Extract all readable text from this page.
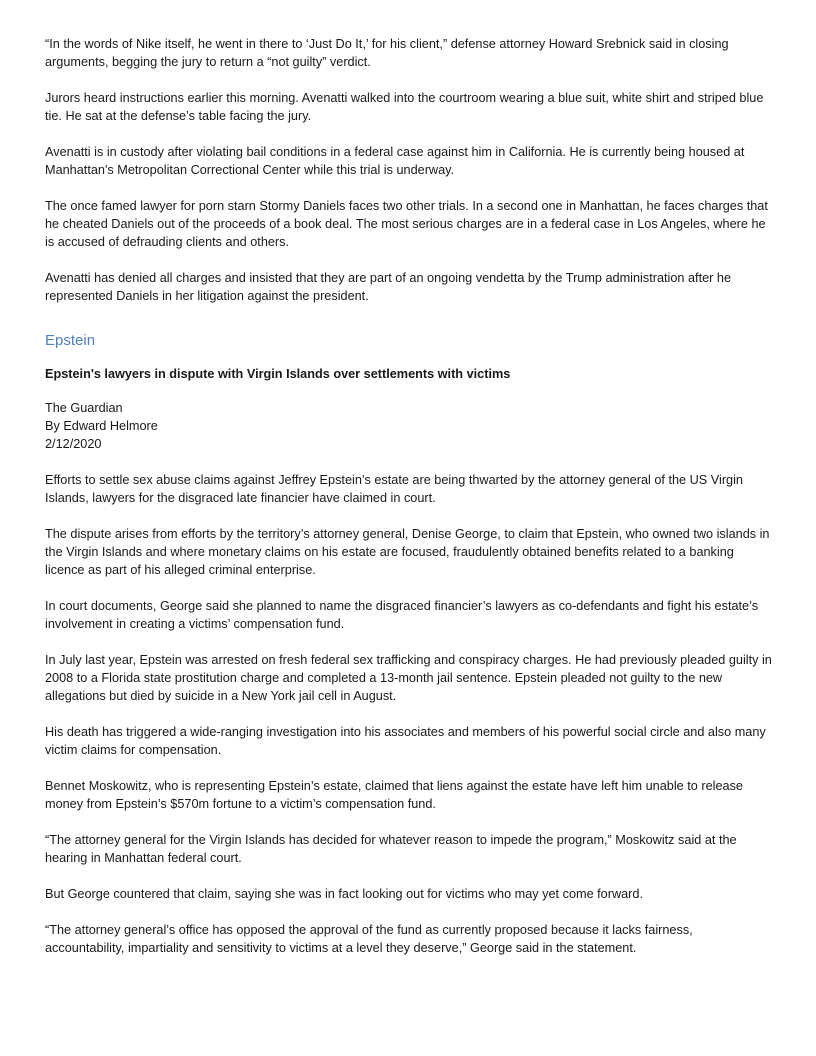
“In the words of Nike itself, he went in there to ‘Just Do It,’ for his client,” defense attorney Howard Srebnick said in closing arguments, begging the jury to return a “not guilty” verdict.

Jurors heard instructions earlier this morning. Avenatti walked into the courtroom wearing a blue suit, white shirt and striped blue tie. He sat at the defense’s table facing the jury.

Avenatti is in custody after violating bail conditions in a federal case against him in California. He is currently being housed at Manhattan's Metropolitan Correctional Center while this trial is underway.

The once famed lawyer for porn starn Stormy Daniels faces two other trials. In a second one in Manhattan, he faces charges that he cheated Daniels out of the proceeds of a book deal. The most serious charges are in a federal case in Los Angeles, where he is accused of defrauding clients and others.

Avenatti has denied all charges and insisted that they are part of an ongoing vendetta by the Trump administration after he represented Daniels in her litigation against the president.

Epstein
Epstein's lawyers in dispute with Virgin Islands over settlements with victims
The Guardian
By Edward Helmore
2/12/2020

Efforts to settle sex abuse claims against Jeffrey Epstein’s estate are being thwarted by the attorney general of the US Virgin Islands, lawyers for the disgraced late financier have claimed in court.

The dispute arises from efforts by the territory’s attorney general, Denise George, to claim that Epstein, who owned two islands in the Virgin Islands and where monetary claims on his estate are focused, fraudulently obtained benefits related to a banking licence as part of his alleged criminal enterprise.

In court documents, George said she planned to name the disgraced financier’s lawyers as co-defendants and fight his estate’s involvement in creating a victims’ compensation fund.

In July last year, Epstein was arrested on fresh federal sex trafficking and conspiracy charges. He had previously pleaded guilty in 2008 to a Florida state prostitution charge and completed a 13-month jail sentence. Epstein pleaded not guilty to the new allegations but died by suicide in a New York jail cell in August.

His death has triggered a wide-ranging investigation into his associates and members of his powerful social circle and also many victim claims for compensation.

Bennet Moskowitz, who is representing Epstein’s estate, claimed that liens against the estate have left him unable to release money from Epstein’s $570m fortune to a victim’s compensation fund.

“The attorney general for the Virgin Islands has decided for whatever reason to impede the program,” Moskowitz said at the hearing in Manhattan federal court.

But George countered that claim, saying she was in fact looking out for victims who may yet come forward.

“The attorney general’s office has opposed the approval of the fund as currently proposed because it lacks fairness, accountability, impartiality and sensitivity to victims at a level they deserve,” George said in the statement.
